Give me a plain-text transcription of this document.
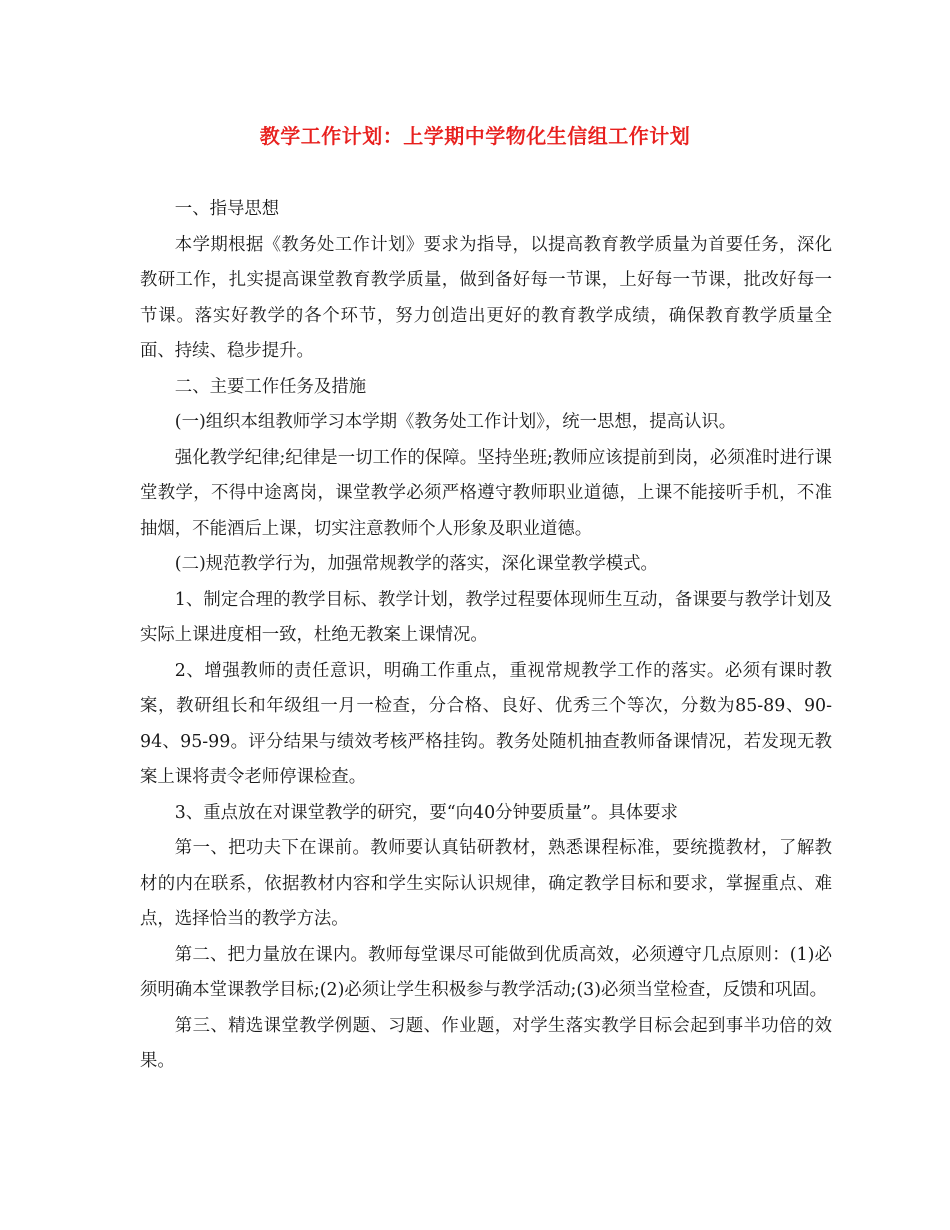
教学工作计划：上学期中学物化生信组工作计划

一、指导思想

本学期根据《教务处工作计划》要求为指导，以提高教育教学质量为首要任务，深化教研工作，扎实提高课堂教育教学质量，做到备好每一节课，上好每一节课，批改好每一节课。落实好教学的各个环节，努力创造出更好的教育教学成绩，确保教育教学质量全面、持续、稳步提升。

二、主要工作任务及措施

(一)组织本组教师学习本学期《教务处工作计划》，统一思想，提高认识。

强化教学纪律;纪律是一切工作的保障。坚持坐班;教师应该提前到岗，必须准时进行课堂教学，不得中途离岗，课堂教学必须严格遵守教师职业道德，上课不能接听手机，不准抽烟，不能酒后上课，切实注意教师个人形象及职业道德。

(二)规范教学行为，加强常规教学的落实，深化课堂教学模式。

1、制定合理的教学目标、教学计划，教学过程要体现师生互动，备课要与教学计划及实际上课进度相一致，杜绝无教案上课情况。

2、增强教师的责任意识，明确工作重点，重视常规教学工作的落实。必须有课时教案，教研组长和年级组一月一检查，分合格、良好、优秀三个等次，分数为85-89、90-94、95-99。评分结果与绩效考核严格挂钩。教务处随机抽查教师备课情况，若发现无教案上课将责令老师停课检查。

3、重点放在对课堂教学的研究，要“向40分钟要质量”。具体要求

第一、把功夫下在课前。教师要认真钻研教材，熟悉课程标准，要统揽教材，了解教材的内在联系，依据教材内容和学生实际认识规律，确定教学目标和要求，掌握重点、难点，选择恰当的教学方法。

第二、把力量放在课内。教师每堂课尽可能做到优质高效，必须遵守几点原则：(1)必须明确本堂课教学目标;(2)必须让学生积极参与教学活动;(3)必须当堂检查，反馈和巩固。

第三、精选课堂教学例题、习题、作业题，对学生落实教学目标会起到事半功倍的效果。
